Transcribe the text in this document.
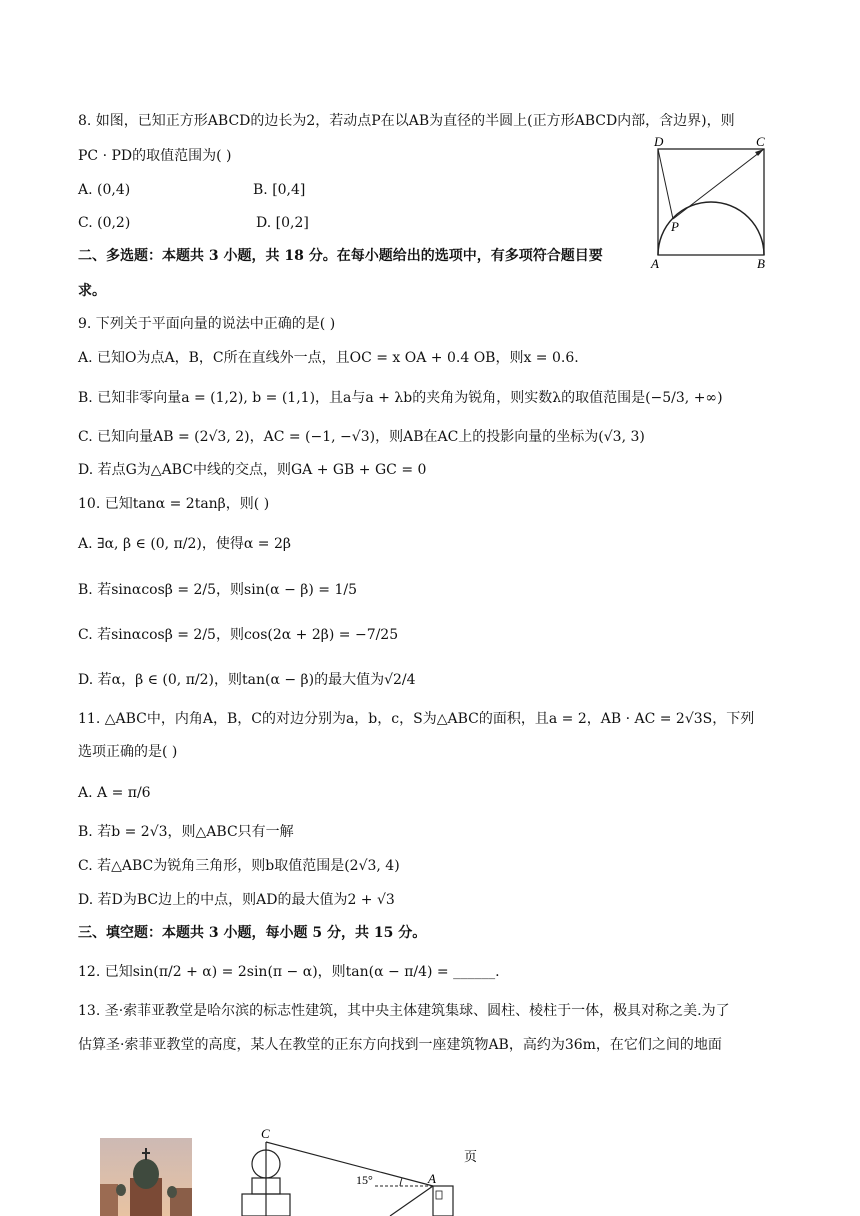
8. 如图，已知正方形ABCD的边长为2，若动点P在以AB为直径的半圆上(正方形ABCD内部，含边界)，则
PC · PD的取值范围为( )
A. (0,4)	B. [0,4]
C. (0,2)	D. [0,2]
二、多选题：本题共 3 小题，共 18 分。在每小题给出的选项中，有多项符合题目要
求。
9. 下列关于平面向量的说法中正确的是( )
A. 已知O为点A，B，C所在直线外一点，且OC = x OA + 0.4 OB，则x = 0.6.
B. 已知非零向量a = (1,2), b = (1,1)，且a与a + λb的夹角为锐角，则实数λ的取值范围是(−5/3, +∞)
C. 已知向量AB = (2√3, 2)，AC = (−1, −√3)，则AB在AC上的投影向量的坐标为(√3, 3)
D. 若点G为△ABC中线的交点，则GA + GB + GC = 0
10. 已知tanα = 2tanβ，则( )
A. ∃α, β ∈ (0, π/2)，使得α = 2β
B. 若sinαcosβ = 2/5，则sin(α − β) = 1/5
C. 若sinαcosβ = 2/5，则cos(2α + 2β) = −7/25
D. 若α，β ∈ (0, π/2)，则tan(α − β)的最大值为√2/4
11. △ABC中，内角A，B，C的对边分别为a，b，c，S为△ABC的面积，且a = 2，AB · AC = 2√3S，下列
选项正确的是( )
A. A = π/6
B. 若b = 2√3，则△ABC只有一解
C. 若△ABC为锐角三角形，则b取值范围是(2√3, 4)
D. 若D为BC边上的中点，则AD的最大值为2 + √3
三、填空题：本题共 3 小题，每小题 5 分，共 15 分。
12. 已知sin(π/2 + α) = 2sin(π − α)，则tan(α − π/4) = ______.
13. 圣·索菲亚教堂是哈尔滨的标志性建筑，其中央主体建筑集球、圆柱、棱柱于一体，极具对称之美.为了
估算圣·索菲亚教堂的高度，某人在教堂的正东方向找到一座建筑物AB，高约为36m，在它们之间的地面
D	C
P
A	B
C
15°	A
页
